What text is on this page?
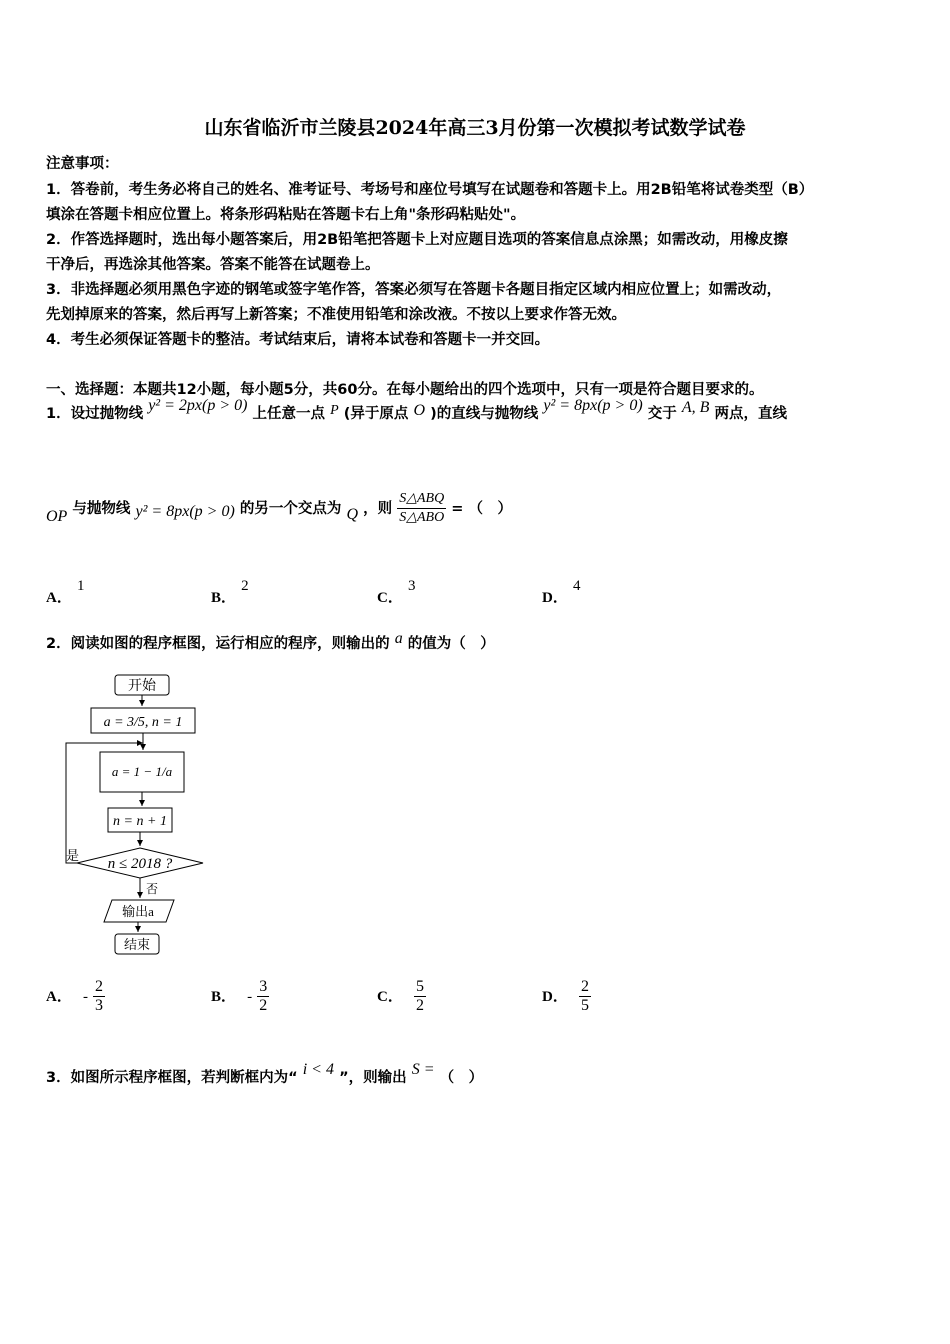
山东省临沂市兰陵县2024年高三3月份第一次模拟考试数学试卷
注意事项：
1．答卷前，考生务必将自己的姓名、准考证号、考场号和座位号填写在试题卷和答题卡上。用2B铅笔将试卷类型（B）
填涂在答题卡相应位置上。将条形码粘贴在答题卡右上角"条形码粘贴处"。
2．作答选择题时，选出每小题答案后，用2B铅笔把答题卡上对应题目选项的答案信息点涂黑；如需改动，用橡皮擦
干净后，再选涂其他答案。答案不能答在试题卷上。
3．非选择题必须用黑色字迹的钢笔或签字笔作答，答案必须写在答题卡各题目指定区域内相应位置上；如需改动，
先划掉原来的答案，然后再写上新答案；不准使用铅笔和涂改液。不按以上要求作答无效。
4．考生必须保证答题卡的整洁。考试结束后，请将本试卷和答题卡一并交回。
一、选择题：本题共12小题，每小题5分，共60分。在每小题给出的四个选项中，只有一项是符合题目要求的。
1．设过抛物线 y² = 2px(p > 0) 上任意一点 P (异于原点 O )的直线与抛物线 y² = 8px(p > 0) 交于 A, B 两点，直线
OP 与抛物线 y² = 8px(p > 0) 的另一个交点为 Q ，则 $\frac{\text{S△ABQ}}{\text{S△ABO}}$ = （　）
A． 1
B． 2
C． 3
D． 4
2．阅读如图的程序框图，运行相应的程序，则输出的 a 的值为（　）
开始
a = 3/5, n = 1
a = 1 − 1/a
n = n + 1
n ≤ 2018 ?
是
否
输出a
结束
A． - $\frac{2}{3}$	B． - $\frac{3}{2}$	C． $\frac{5}{2}$	D． $\frac{2}{5}$
3．如图所示程序框图，若判断框内为“ i < 4 ”，则输出 S = （　）
